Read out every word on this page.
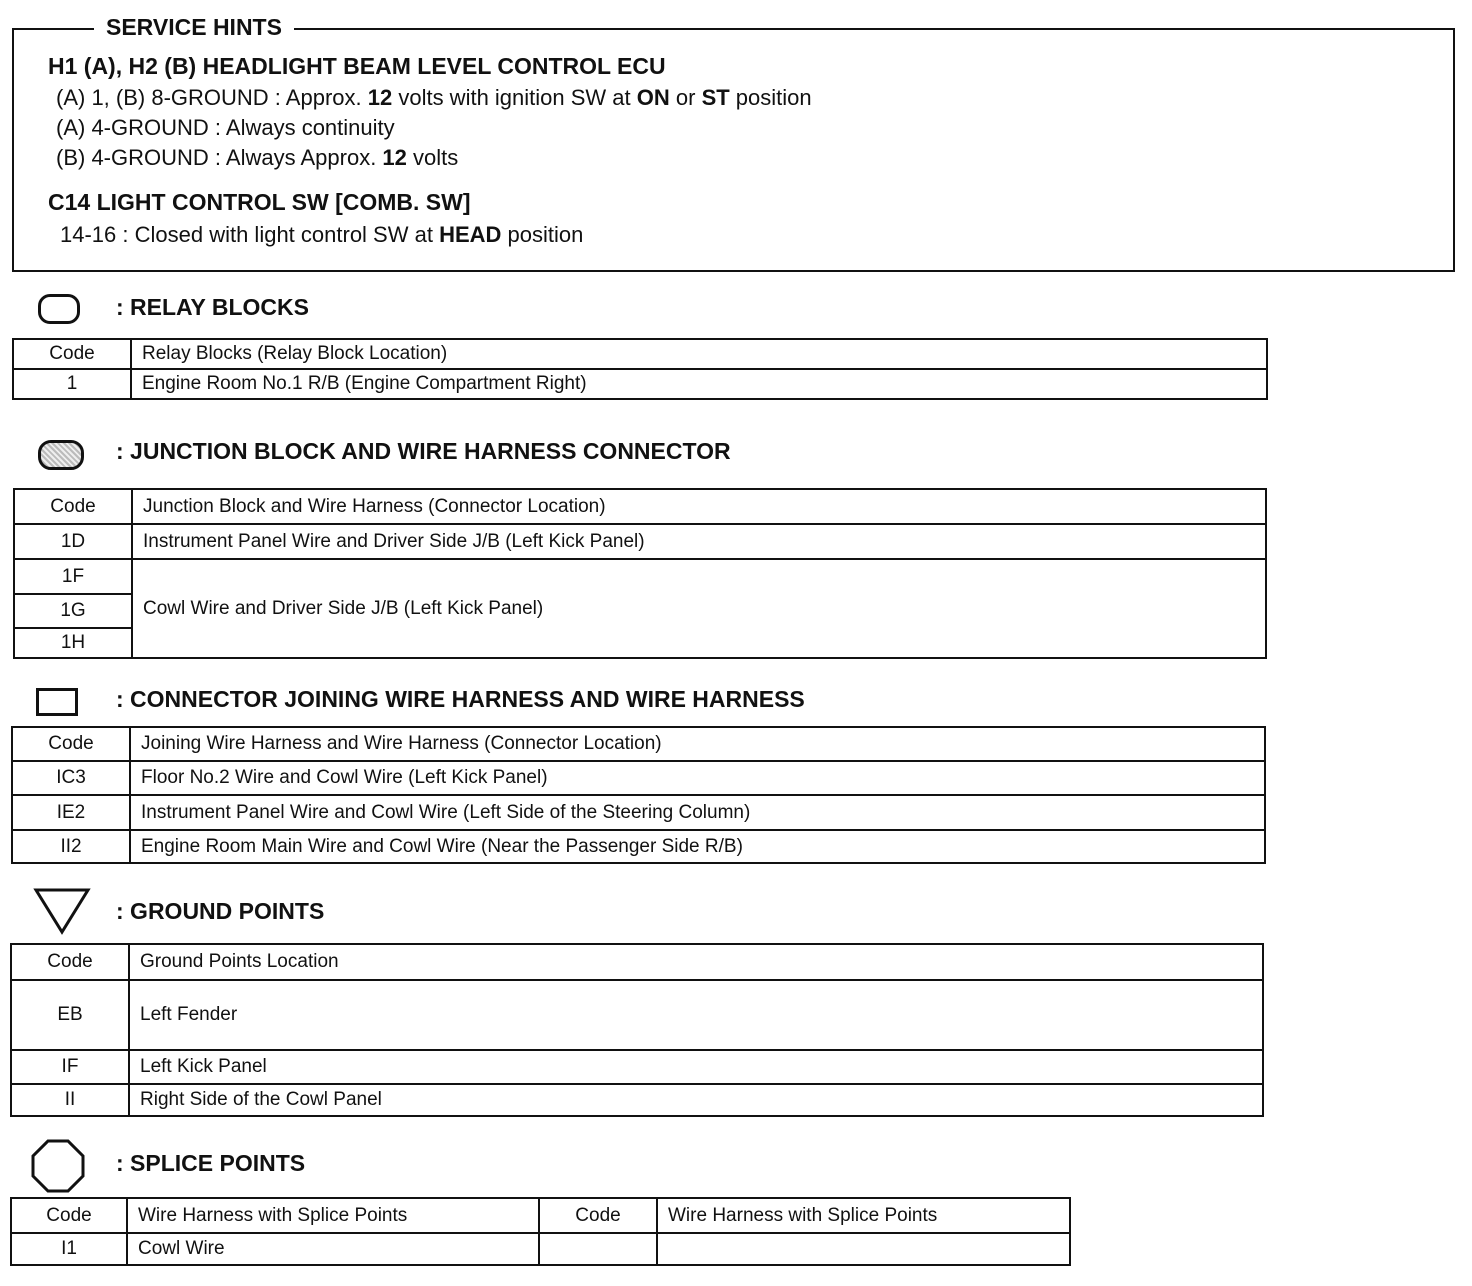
SERVICE HINTS
H1 (A), H2 (B) HEADLIGHT BEAM LEVEL CONTROL ECU
(A) 1, (B) 8-GROUND : Approx. 12 volts with ignition SW at ON or ST position
(A) 4-GROUND : Always continuity
(B) 4-GROUND : Always Approx. 12 volts
C14 LIGHT CONTROL SW [COMB. SW]
14-16 : Closed with light control SW at HEAD position
: RELAY BLOCKS
Code	Relay Blocks (Relay Block Location)
1	Engine Room No.1 R/B (Engine Compartment Right)
: JUNCTION BLOCK AND WIRE HARNESS CONNECTOR
Code	Junction Block and Wire Harness (Connector Location)
1D	Instrument Panel Wire and Driver Side J/B (Left Kick Panel)
1F	Cowl Wire and Driver Side J/B (Left Kick Panel)
1G	
1H	
: CONNECTOR JOINING WIRE HARNESS AND WIRE HARNESS
Code	Joining Wire Harness and Wire Harness (Connector Location)
IC3	Floor No.2 Wire and Cowl Wire (Left Kick Panel)
IE2	Instrument Panel Wire and Cowl Wire (Left Side of the Steering Column)
II2	Engine Room Main Wire and Cowl Wire (Near the Passenger Side R/B)
: GROUND POINTS
Code	Ground Points Location
EB	Left Fender
IF	Left Kick Panel
II	Right Side of the Cowl Panel
: SPLICE POINTS
Code	Wire Harness with Splice Points	Code	Wire Harness with Splice Points
I1	Cowl Wire		
